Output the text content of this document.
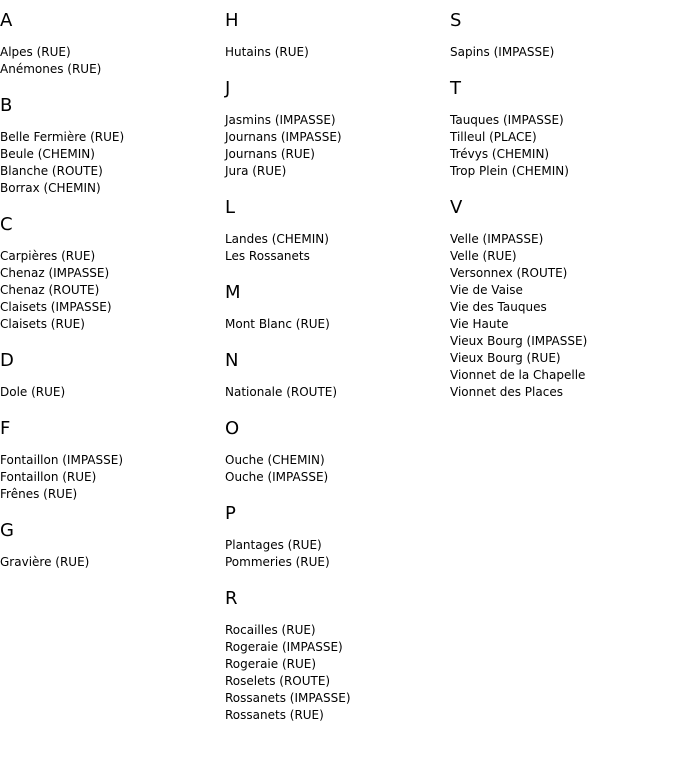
A
Alpes (RUE)
Anémones (RUE)
B
Belle Fermière (RUE)
Beule (CHEMIN)
Blanche (ROUTE)
Borrax (CHEMIN)
C
Carpières (RUE)
Chenaz (IMPASSE)
Chenaz (ROUTE)
Claisets (IMPASSE)
Claisets (RUE)
D
Dole (RUE)
F
Fontaillon (IMPASSE)
Fontaillon (RUE)
Frênes (RUE)
G
Gravière (RUE)
H
Hutains (RUE)
J
Jasmins (IMPASSE)
Journans (IMPASSE)
Journans (RUE)
Jura (RUE)
L
Landes (CHEMIN)
Les Rossanets
M
Mont Blanc (RUE)
N
Nationale (ROUTE)
O
Ouche (CHEMIN)
Ouche (IMPASSE)
P
Plantages (RUE)
Pommeries (RUE)
R
Rocailles (RUE)
Rogeraie (IMPASSE)
Rogeraie (RUE)
Roselets (ROUTE)
Rossanets (IMPASSE)
Rossanets (RUE)
S
Sapins (IMPASSE)
T
Tauques (IMPASSE)
Tilleul (PLACE)
Trévys (CHEMIN)
Trop Plein (CHEMIN)
V
Velle (IMPASSE)
Velle (RUE)
Versonnex (ROUTE)
Vie de Vaise
Vie des Tauques
Vie Haute
Vieux Bourg (IMPASSE)
Vieux Bourg (RUE)
Vionnet de la Chapelle
Vionnet des Places
